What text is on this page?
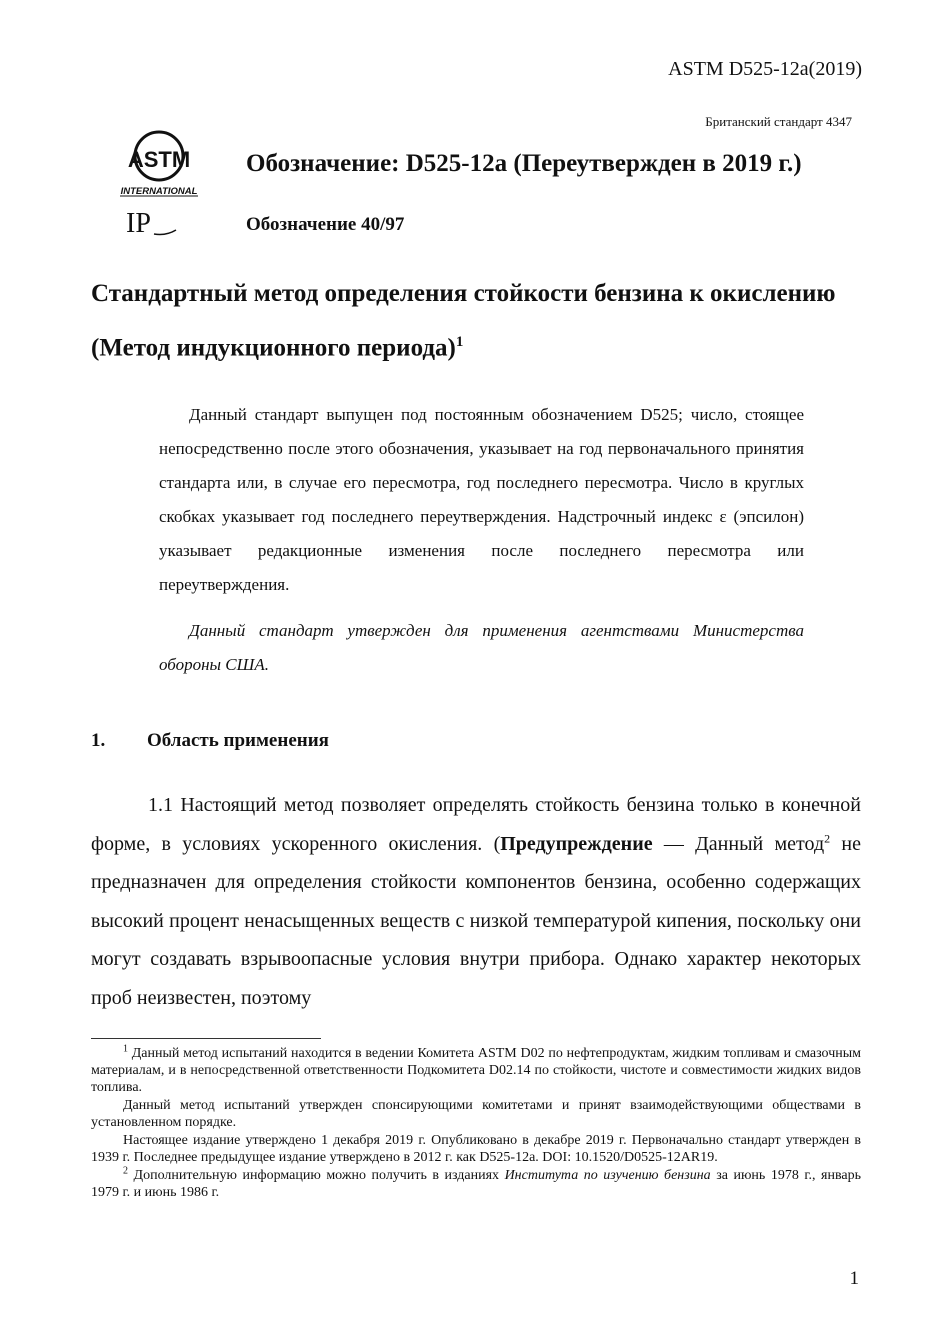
ASTM D525-12a(2019)
Британский стандарт 4347
ASTM
INTERNATIONAL
IP
Обозначение: D525-12a (Переутвержден в 2019 г.)
Обозначение 40/97
Стандартный метод определения стойкости бензина к окислению
(Метод индукционного периода)$^1$

Данный стандарт выпущен под постоянным обозначением D525; число, стоящее непосредственно после этого обозначения, указывает на год первоначального принятия стандарта или, в случае его пересмотра, год последнего пересмотра. Число в круглых скобках указывает год последнего переутверждения. Надстрочный индекс ε (эпсилон) указывает редакционные изменения после последнего пересмотра или переутверждения.

Данный стандарт утвержден для применения агентствами Министерства обороны США.

1. Область применения

1.1 Настоящий метод позволяет определять стойкость бензина только в конечной форме, в условиях ускоренного окисления. (Предупреждение — Данный метод$^2$ не предназначен для определения стойкости компонентов бензина, особенно содержащих высокий процент ненасыщенных веществ с низкой температурой кипения, поскольку они могут создавать взрывоопасные условия внутри прибора. Однако характер некоторых проб неизвестен, поэтому

$^1$ Данный метод испытаний находится в ведении Комитета ASTM D02 по нефтепродуктам, жидким топливам и смазочным материалам, и в непосредственной ответственности Подкомитета D02.14 по стойкости, чистоте и совместимости жидких видов топлива.

Данный метод испытаний утвержден спонсирующими комитетами и принят взаимодействующими обществами в установленном порядке.

Настоящее издание утверждено 1 декабря 2019 г. Опубликовано в декабре 2019 г. Первоначально стандарт утвержден в 1939 г. Последнее предыдущее издание утверждено в 2012 г. как D525-12a. DOI: 10.1520/D0525-12AR19.

$^2$ Дополнительную информацию можно получить в изданиях Института по изучению бензина за июнь 1978 г., январь 1979 г. и июнь 1986 г.

1
